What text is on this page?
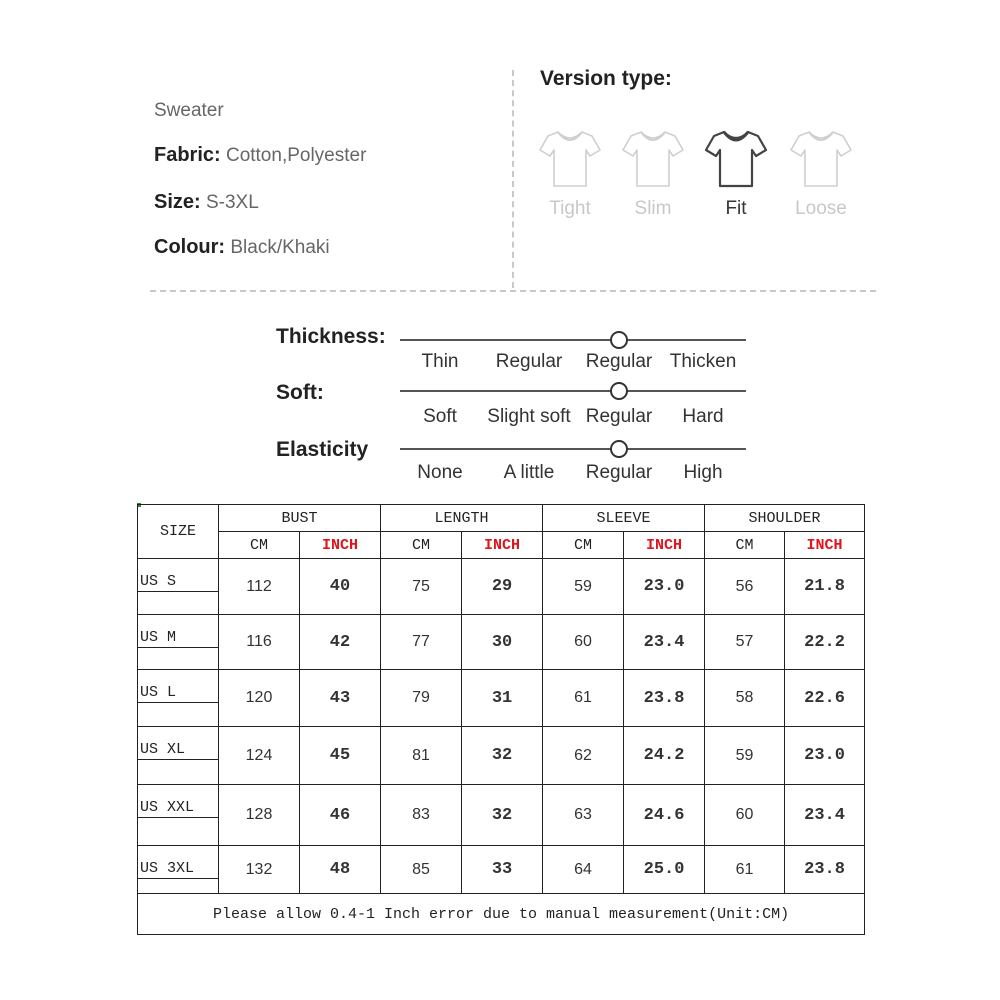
Sweater
Fabric: Cotton,Polyester
Size: S-3XL
Colour: Black/Khaki
Version type:
Tight	Slim	Fit	Loose
Thickness:
Thin	Regular	Regular Thicken
Soft:
Soft	Slight soft Regular	Hard
Elasticity
None	A little	Regular	High
SIZE	BUST		LENGTH		SLEEVE		SHOULDER	
	CM	INCH	CM	INCH	CM	INCH	CM	INCH

US S	112	40	75	29	59	23.0	56	21.8

US M	116	42	77	30	60	23.4	57	22.2

US L	120	43	79	31	61	23.8	58	22.6

US XL	124	45	81	32	62	24.2	59	23.0

US XXL	128	46	83	32	63	24.6	60	23.4

US 3XL	132	48	85	33	64	25.0	61	23.8
Please allow 0.4-1 Inch error due to manual measurement(Unit:CM)								
